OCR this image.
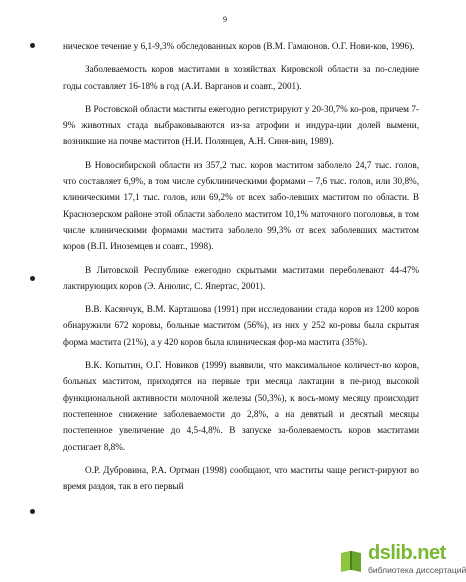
9

ническое течение у 6,1-9,3% обследованных коров (В.М. Гамаюнов. О.Г. Нови-ков, 1996).

Заболеваемость коров маститами в хозяйствах Кировской области за по-следние годы составляет 16-18% в год (А.И. Варганов и соавт., 2001).

В Ростовской области маститы ежегодно регистрируют у 20-30,7% ко-ров, причем 7-9% животных стада выбраковываются из-за атрофии и индура-ции долей вымени, возникшие на почве маститов (Н.И. Полянцев, А.Н. Синя-вин, 1989).

В Новосибирской области из 357,2 тыс. коров маститом заболело 24,7 тыс. голов, что составляет 6,9%, в том числе субклиническими формами – 7,6 тыс. голов, или 30,8%, клиническими 17,1 тыс. голов, или 69,2% от всех забо-левших маститом по области. В Краснозерском районе этой области заболело маститом 10,1% маточного поголовья, в том числе клиническими формами мастита заболело 99,3% от всех заболевших маститом коров (В.П. Иноземцев и соавт., 1998).

В Литовской Республике ежегодно скрытыми маститами переболевают 44-47% лактирующих коров (Э. Анюлис, С. Япертас, 2001).

В.В. Касянчук, В.М. Карташова (1991) при исследовании стада коров из 1200 коров обнаружили 672 коровы, больные маститом (56%), из них у 252 ко-ровы была скрытая форма мастита (21%), а у 420 коров была клиническая фор-ма мастита (35%).

В.К. Копытин, О.Г. Новиков (1999) выявили, что максимальное количест-во коров, больных маститом, приходятся на первые три месяца лактации в пе-риод высокой функциональной активности молочной железы (50,3%), к вось-мому месяцу происходит постепенное снижение заболеваемости до 2,8%, а на девятый и десятый месяцы постепенное увеличение до 4,5-4,8%. В запуске за-болеваемость коров маститами достигает 8,8%.

О.Р. Дубровина, Р.А. Ортман (1998) сообщают, что маститы чаще регист-рируют во время раздоя, так в его первый

dslib.net
библиотека диссертаций
